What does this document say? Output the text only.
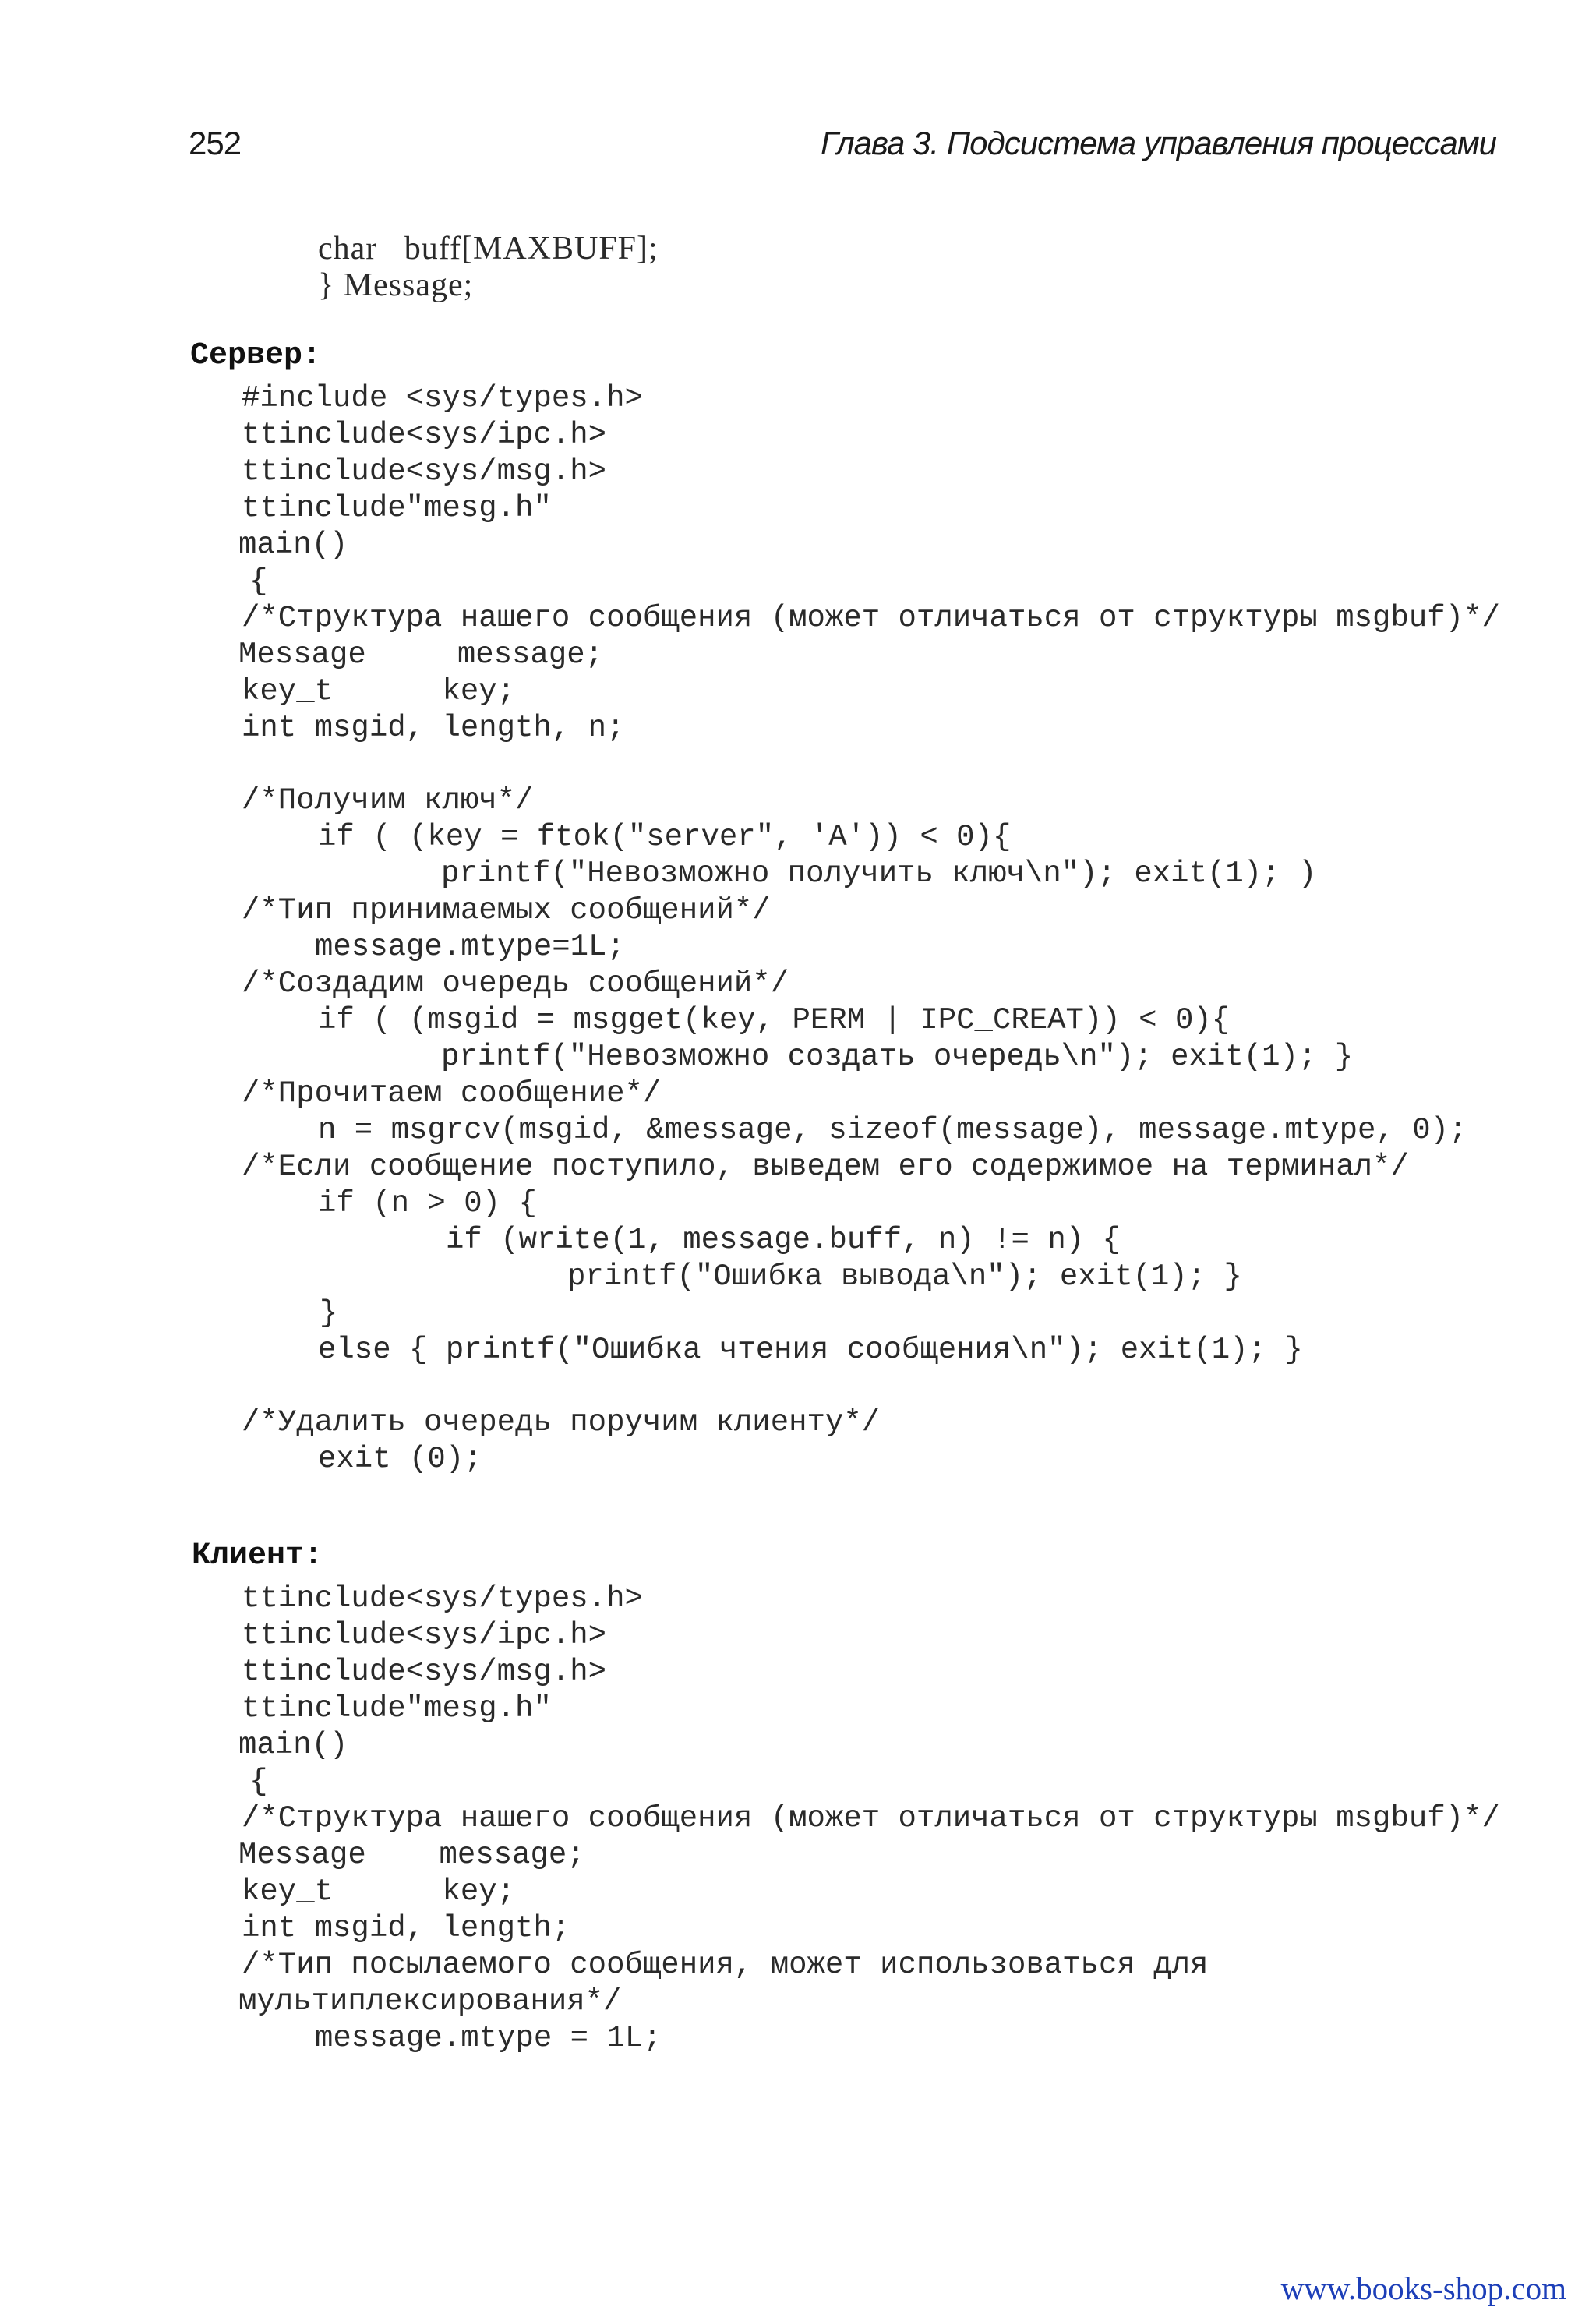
252	Глава 3. Подсистема управления процессами
char   buff[MAXBUFF];
} Message;
Сервер:
#include <sys/types.h>
ttinclude<sys/ipc.h>
ttinclude<sys/msg.h>
ttinclude"mesg.h"
main()
{
/*Структура нашего сообщения (может отличаться от структуры msgbuf)*/
Message     message;
key_t      key;
int msgid, length, n;
/*Получим ключ*/
if ( (key = ftok("server", 'A')) < 0){
printf("Невозможно получить ключ\n"); exit(1); )
/*Тип принимаемых сообщений*/
message.mtype=1L;
/*Создадим очередь сообщений*/
if ( (msgid = msgget(key, PERM | IPC_CREAT)) < 0){
printf("Невозможно создать очередь\n"); exit(1); }
/*Прочитаем сообщение*/
n = msgrcv(msgid, &message, sizeof(message), message.mtype, 0);
/*Если сообщение поступило, выведем его содержимое на терминал*/
if (n > 0) {
if (write(1, message.buff, n) != n) {
printf("Ошибка вывода\n"); exit(1); }
}
else { printf("Ошибка чтения сообщения\n"); exit(1); }
/*Удалить очередь поручим клиенту*/
exit (0);
Клиент:
ttinclude<sys/types.h>
ttinclude<sys/ipc.h>
ttinclude<sys/msg.h>
ttinclude"mesg.h"
main()
{
/*Структура нашего сообщения (может отличаться от структуры msgbuf)*/
Message    message;
key_t      key;
int msgid, length;
/*Тип посылаемого сообщения, может использоваться для
мультиплексирования*/
message.mtype = 1L;
www.books-shop.com
